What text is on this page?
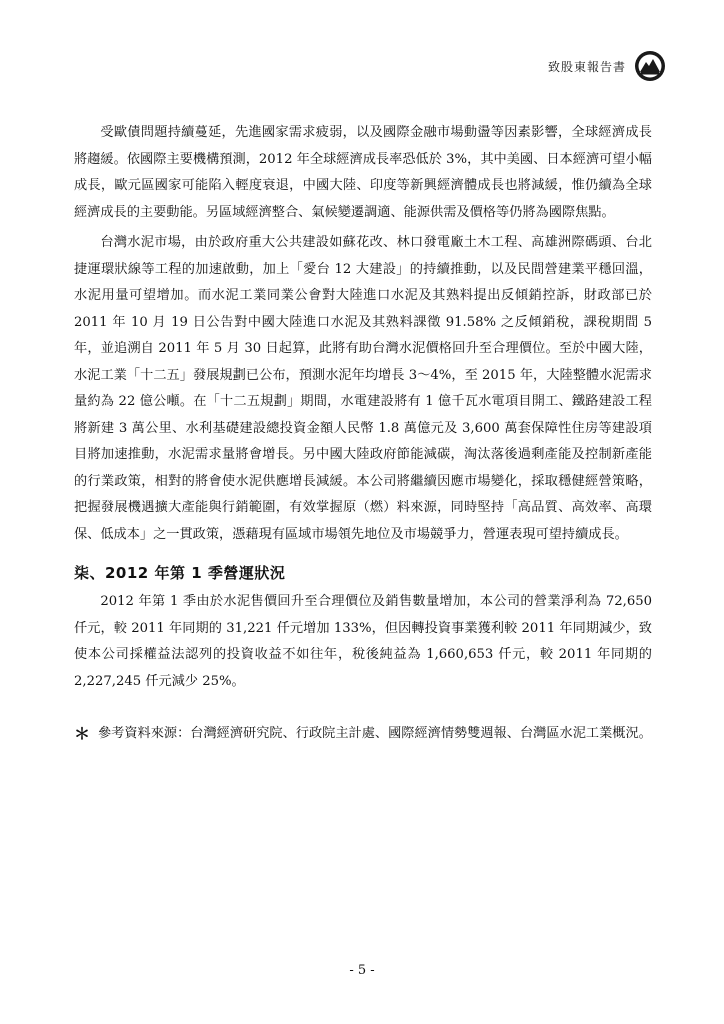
致股東報告書

受歐債問題持續蔓延，先進國家需求疲弱，以及國際金融市場動盪等因素影響，全球經濟成長將趨緩。依國際主要機構預測，2012 年全球經濟成長率恐低於 3%，其中美國、日本經濟可望小幅成長，歐元區國家可能陷入輕度衰退，中國大陸、印度等新興經濟體成長也將減緩，惟仍續為全球經濟成長的主要動能。另區域經濟整合、氣候變遷調適、能源供需及價格等仍將為國際焦點。

台灣水泥市場，由於政府重大公共建設如蘇花改、林口發電廠土木工程、高雄洲際碼頭、台北捷運環狀線等工程的加速啟動，加上「愛台 12 大建設」的持續推動，以及民間營建業平穩回溫，水泥用量可望增加。而水泥工業同業公會對大陸進口水泥及其熟料提出反傾銷控訴，財政部已於 2011 年 10 月 19 日公告對中國大陸進口水泥及其熟料課徵 91.58% 之反傾銷稅，課稅期間 5 年，並追溯自 2011 年 5 月 30 日起算，此將有助台灣水泥價格回升至合理價位。至於中國大陸，水泥工業「十二五」發展規劃已公布，預測水泥年均增長 3～4%，至 2015 年，大陸整體水泥需求量約為 22 億公噸。在「十二五規劃」期間，水電建設將有 1 億千瓦水電項目開工、鐵路建設工程將新建 3 萬公里、水利基礎建設總投資金額人民幣 1.8 萬億元及 3,600 萬套保障性住房等建設項目將加速推動，水泥需求量將會增長。另中國大陸政府節能減碳，淘汰落後過剩產能及控制新產能的行業政策，相對的將會使水泥供應增長減緩。本公司將繼續因應市場變化，採取穩健經營策略，把握發展機遇擴大產能與行銷範圍，有效掌握原（燃）料來源，同時堅持「高品質、高效率、高環保、低成本」之一貫政策，憑藉現有區域市場領先地位及市場競爭力，營運表現可望持續成長。

柒、2012 年第 1 季營運狀況

2012 年第 1 季由於水泥售價回升至合理價位及銷售數量增加，本公司的營業淨利為 72,650 仟元，較 2011 年同期的 31,221 仟元增加 133%，但因轉投資事業獲利較 2011 年同期減少，致使本公司採權益法認列的投資收益不如往年，稅後純益為 1,660,653 仟元，較 2011 年同期的 2,227,245 仟元減少 25%。

＊ 參考資料來源：台灣經濟研究院、行政院主計處、國際經濟情勢雙週報、台灣區水泥工業概況。
- 5 -
